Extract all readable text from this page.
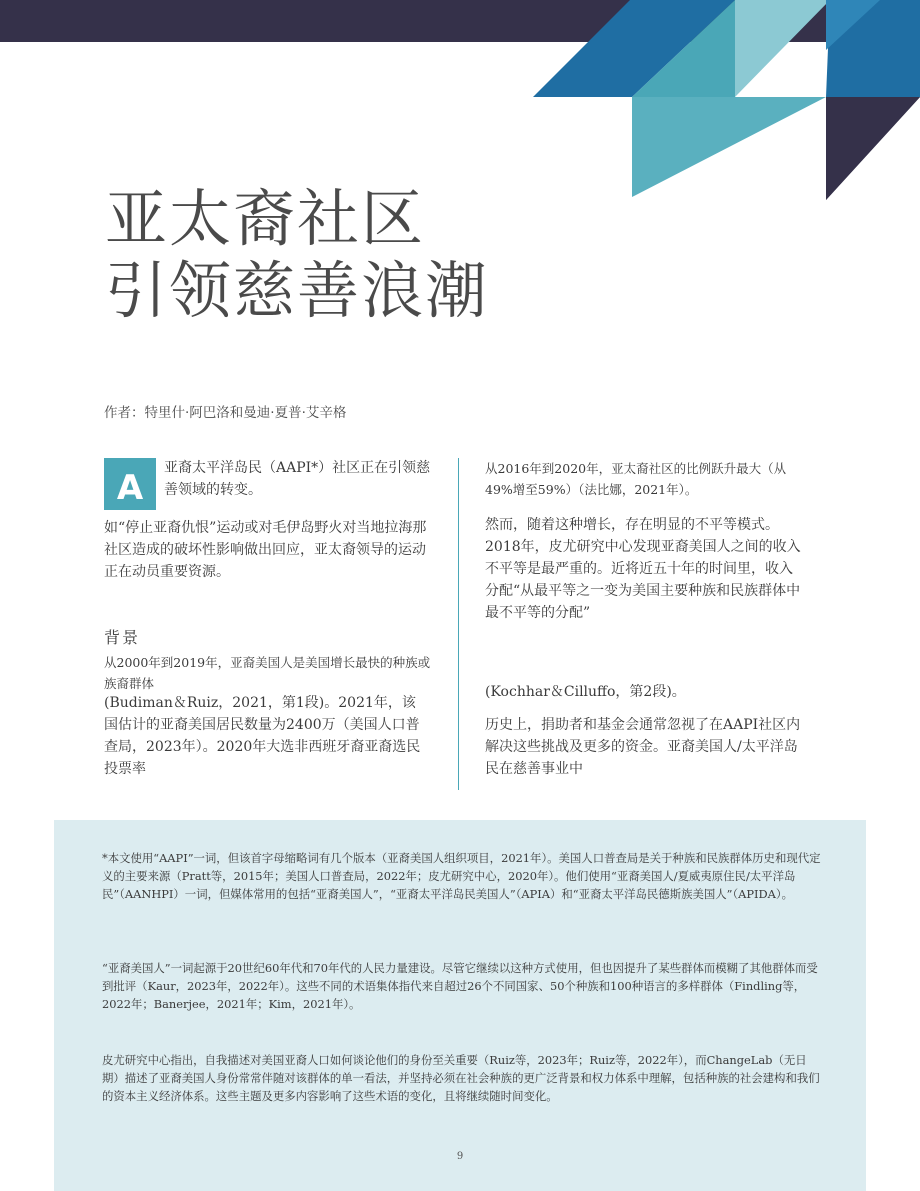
亚太裔社区
引领慈善浪潮
作者：特里什·阿巴洛和曼迪·夏普·艾辛格
A 亚裔太平洋岛民（AAPI*）社区正在引领慈善领域的转变。
如“停止亚裔仇恨”运动或对毛伊岛野火对当地拉海那社区造成的破坏性影响做出回应，亚太裔领导的运动正在动员重要资源。
背景
从2000年到2019年，亚裔美国人是美国增长最快的种族或族裔群体
(Budiman＆Ruiz，2021，第1段)。2021年，该国估计的亚裔美国居民数量为2400万（美国人口普查局，2023年）。2020年大选非西班牙裔亚裔选民投票率
从2016年到2020年，亚太裔社区的比例跃升最大（从49%增至59%）（法比娜，2021年）。
然而，随着这种增长，存在明显的不平等模式。2018年，皮尤研究中心发现亚裔美国人之间的收入不平等是最严重的。近将近五十年的时间里，收入分配“从最平等之一变为美国主要种族和民族群体中最不平等的分配”
(Kochhar＆Cilluffo，第2段)。
历史上，捐助者和基金会通常忽视了在AAPI社区内解决这些挑战及更多的资金。亚裔美国人/太平洋岛民在慈善事业中
*本文使用“AAPI”一词，但该首字母缩略词有几个版本（亚裔美国人组织项目，2021年）。美国人口普查局是关于种族和民族群体历史和现代定义的主要来源（Pratt等，2015年；美国人口普查局，2022年；皮尤研究中心，2020年）。他们使用“亚裔美国人/夏威夷原住民/太平洋岛民”（AANHPI）一词，但媒体常用的包括“亚裔美国人”，“亚裔太平洋岛民美国人”（APIA）和“亚裔太平洋岛民德斯族美国人”（APIDA）。
“亚裔美国人”一词起源于20世纪60年代和70年代的人民力量建设。尽管它继续以这种方式使用，但也因提升了某些群体而模糊了其他群体而受到批评（Kaur，2023年，2022年）。这些不同的术语集体指代来自超过26个不同国家、50个种族和100种语言的多样群体（Findling等，2022年；Banerjee，2021年；Kim，2021年）。
皮尤研究中心指出，自我描述对美国亚裔人口如何谈论他们的身份至关重要（Ruiz等，2023年；Ruiz等，2022年），而ChangeLab（无日期）描述了亚裔美国人身份常常伴随对该群体的单一看法，并坚持必须在社会种族的更广泛背景和权力体系中理解，包括种族的社会建构和我们的资本主义经济体系。这些主题及更多内容影响了这些术语的变化，且将继续随时间变化。
9
